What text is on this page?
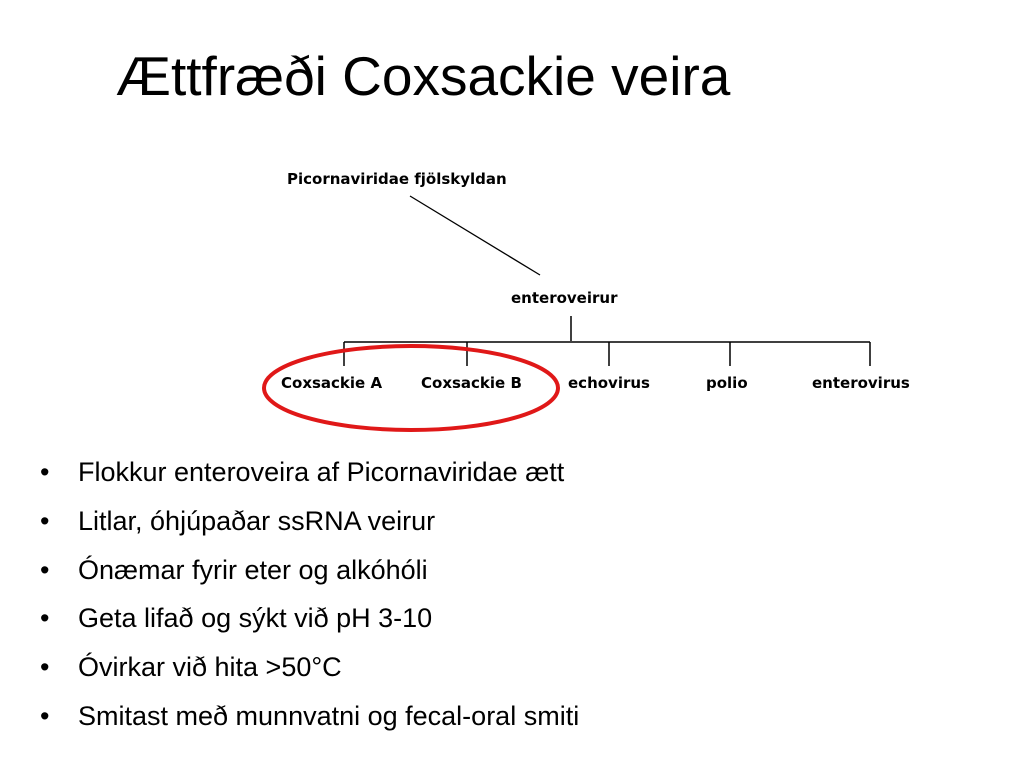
Ættfræði Coxsackie veira
Picornaviridae fjölskyldan
enteroveirur
Coxsackie A	Coxsackie B	echovirus	polio	enterovirus
• Flokkur enteroveira af Picornaviridae ætt
• Litlar, óhjúpaðar ssRNA veirur
• Ónæmar fyrir eter og alkóhóli
• Geta lifað og sýkt við pH 3-10
• Óvirkar við hita >50°C
• Smitast með munnvatni og fecal-oral smiti
